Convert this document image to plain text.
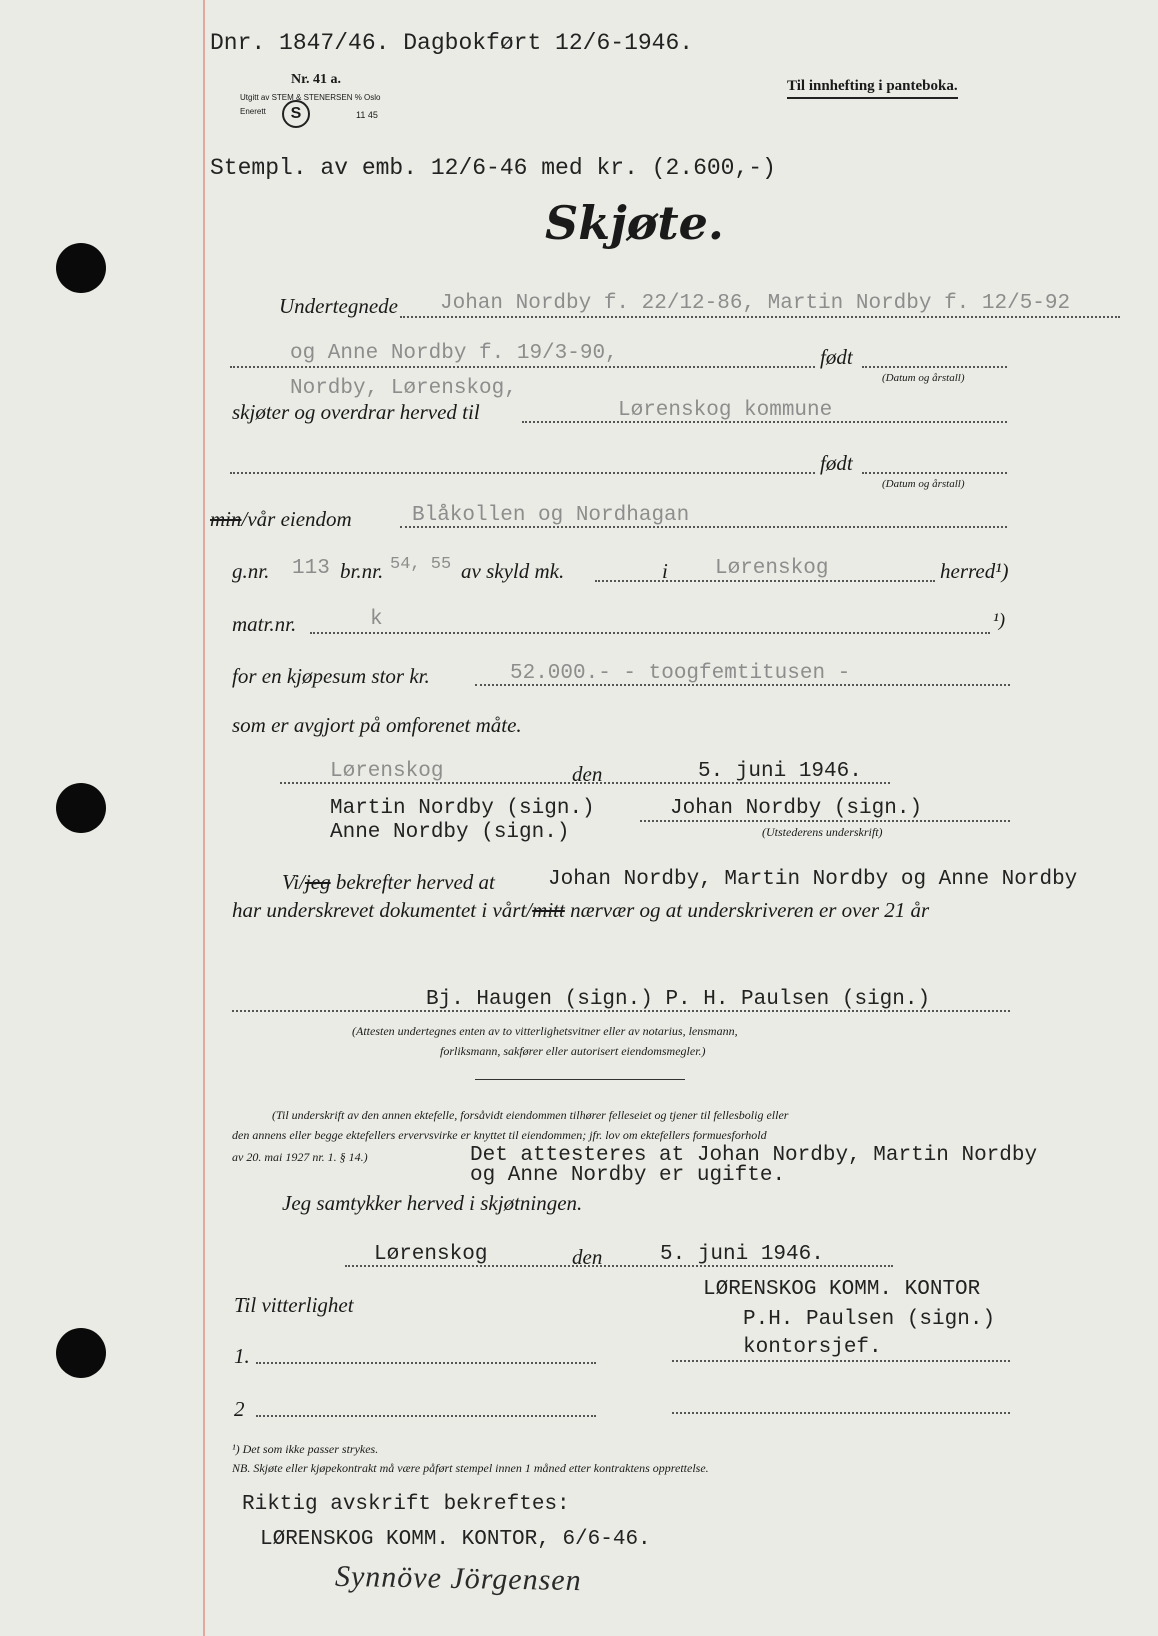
Dnr. 1847/46. Dagbokført 12/6-1946.
Nr. 41 a.
Utgitt av STEM & STENERSEN % Oslo
S
Enerett	11 45
Til innhefting i panteboka.
Stempl. av emb. 12/6-46 med kr. (2.600,-)
Skjøte.
Undertegnede Johan Nordby f. 22/12-86, Martin Nordby f. 12/5-92
og Anne Nordby f. 19/3-90,	født
(Datum og årstall)
Nordby, Lørenskog,
skjøter og overdrar herved til	Lørenskog kommune
født
(Datum og årstall)
min/vår eiendom	Blåkollen og Nordhagan
g.nr. 113 br.nr. 54, 55 av skyld mk.	i Lørenskog	herred¹)
matr.nr.	k	¹)
for en kjøpesum stor kr.	52.000.- - toogfemtitusen -
som er avgjort på omforenet måte.
Lørenskog	den	5. juni 1946.
Martin Nordby (sign.)
Anne Nordby (sign.)
Johan Nordby (sign.)
(Utstederens underskrift)
Vi/jeg bekrefter herved at	Johan Nordby, Martin Nordby og Anne Nordby
har underskrevet dokumentet i vårt/mitt nærvær og at underskriveren er over 21 år
Bj. Haugen (sign.) P. H. Paulsen (sign.)
(Attesten undertegnes enten av to vitterlighetsvitner eller av notarius, lensmann,
forliksmann, sakfører eller autorisert eiendomsmegler.)
(Til underskrift av den annen ektefelle, forsåvidt eiendommen tilhører felleseiet og tjener til fellesbolig eller
den annens eller begge ektefellers ervervsvirke er knyttet til eiendommen; jfr. lov om ektefellers formuesforhold
av 20. mai 1927 nr. 1. § 14.)	Det attesteres at Johan Nordby, Martin Nordby
og Anne Nordby er ugifte.
Jeg samtykker herved i skjøtningen.
Lørenskog	den	5. juni 1946.
Til vitterlighet
1.
2
LØRENSKOG KOMM. KONTOR
P.H. Paulsen (sign.)
kontorsjef.
¹) Det som ikke passer strykes.
NB. Skjøte eller kjøpekontrakt må være påført stempel innen 1 måned etter kontraktens opprettelse.
Riktig avskrift bekreftes:
LØRENSKOG KOMM. KONTOR, 6/6-46.
Synnöve Jörgensen
